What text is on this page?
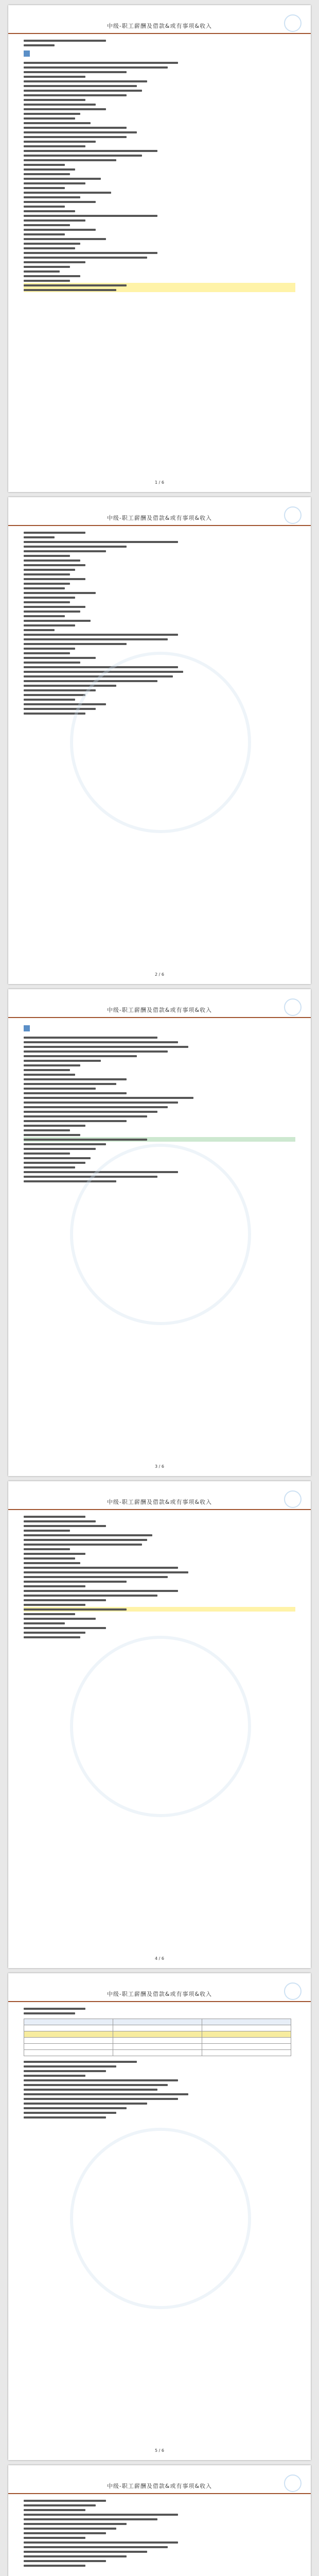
中级-职工薪酬及借款&或有事项&收入
1 / 6
中级-职工薪酬及借款&或有事项&收入
2 / 6
中级-职工薪酬及借款&或有事项&收入
3 / 6
中级-职工薪酬及借款&或有事项&收入
4 / 6
中级-职工薪酬及借款&或有事项&收入

5 / 6
中级-职工薪酬及借款&或有事项&收入
